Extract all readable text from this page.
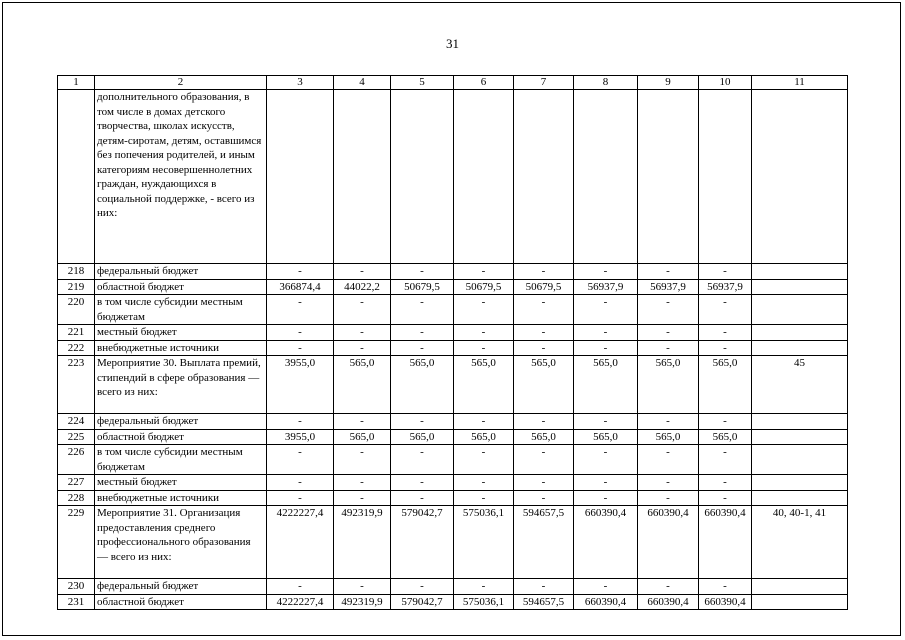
31
1	2	3	4	5	6	7	8	9	10	11
	дополнительного образования, в том числе в домах детского творчества, школах искусств, детям-сиротам, детям, оставшимся без попечения родителей, и иным категориям несовершеннолетних граждан, нуждающихся в социальной поддержке, - всего из них:									
218	федеральный бюджет	-	-	-	-	-	-	-	-	
219	областной бюджет	366874,4	44022,2	50679,5	50679,5	50679,5	56937,9	56937,9	56937,9	
220	в том числе субсидии местным бюджетам	-	-	-	-	-	-	-	-	
221	местный бюджет	-	-	-	-	-	-	-	-	
222	внебюджетные источники	-	-	-	-	-	-	-	-	
223	Мероприятие 30. Выплата премий, стипендий в сфере образования — всего из них:	3955,0	565,0	565,0	565,0	565,0	565,0	565,0	565,0	45
224	федеральный бюджет	-	-	-	-	-	-	-	-	
225	областной бюджет	3955,0	565,0	565,0	565,0	565,0	565,0	565,0	565,0	
226	в том числе субсидии местным бюджетам	-	-	-	-	-	-	-	-	
227	местный бюджет	-	-	-	-	-	-	-	-	
228	внебюджетные источники	-	-	-	-	-	-	-	-	
229	Мероприятие 31. Организация предоставления среднего профессионального образования — всего из них:	4222227,4	492319,9	579042,7	575036,1	594657,5	660390,4	660390,4	660390,4	40, 40-1, 41
230	федеральный бюджет	-	-	-	-	-	-	-	-	
231	областной бюджет	4222227,4	492319,9	579042,7	575036,1	594657,5	660390,4	660390,4	660390,4	
